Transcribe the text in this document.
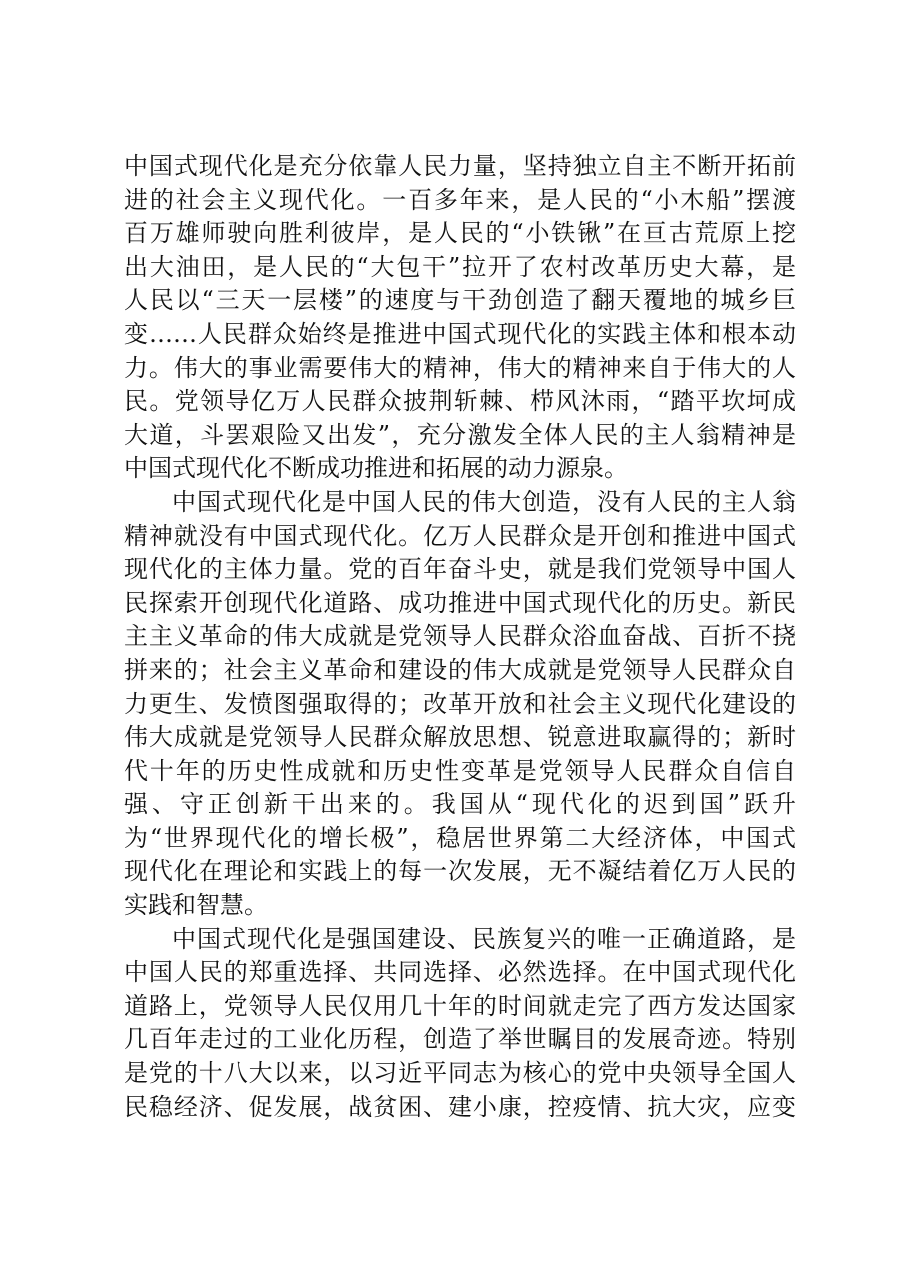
中国式现代化是充分依靠人民力量，坚持独立自主不断开拓前
进的社会主义现代化。一百多年来，是人民的“小木船”摆渡
百万雄师驶向胜利彼岸，是人民的“小铁锹”在亘古荒原上挖
出大油田，是人民的“大包干”拉开了农村改革历史大幕，是
人民以“三天一层楼”的速度与干劲创造了翻天覆地的城乡巨
变……人民群众始终是推进中国式现代化的实践主体和根本动
力。伟大的事业需要伟大的精神，伟大的精神来自于伟大的人
民。党领导亿万人民群众披荆斩棘、栉风沐雨，“踏平坎坷成
大道，斗罢艰险又出发”，充分激发全体人民的主人翁精神是
中国式现代化不断成功推进和拓展的动力源泉。
中国式现代化是中国人民的伟大创造，没有人民的主人翁
精神就没有中国式现代化。亿万人民群众是开创和推进中国式
现代化的主体力量。党的百年奋斗史，就是我们党领导中国人
民探索开创现代化道路、成功推进中国式现代化的历史。新民
主主义革命的伟大成就是党领导人民群众浴血奋战、百折不挠
拼来的；社会主义革命和建设的伟大成就是党领导人民群众自
力更生、发愤图强取得的；改革开放和社会主义现代化建设的
伟大成就是党领导人民群众解放思想、锐意进取赢得的；新时
代十年的历史性成就和历史性变革是党领导人民群众自信自
强、守正创新干出来的。我国从“现代化的迟到国”跃升
为“世界现代化的增长极”，稳居世界第二大经济体，中国式
现代化在理论和实践上的每一次发展，无不凝结着亿万人民的
实践和智慧。
中国式现代化是强国建设、民族复兴的唯一正确道路，是
中国人民的郑重选择、共同选择、必然选择。在中国式现代化
道路上，党领导人民仅用几十年的时间就走完了西方发达国家
几百年走过的工业化历程，创造了举世瞩目的发展奇迹。特别
是党的十八大以来，以习近平同志为核心的党中央领导全国人
民稳经济、促发展，战贫困、建小康，控疫情、抗大灾，应变
